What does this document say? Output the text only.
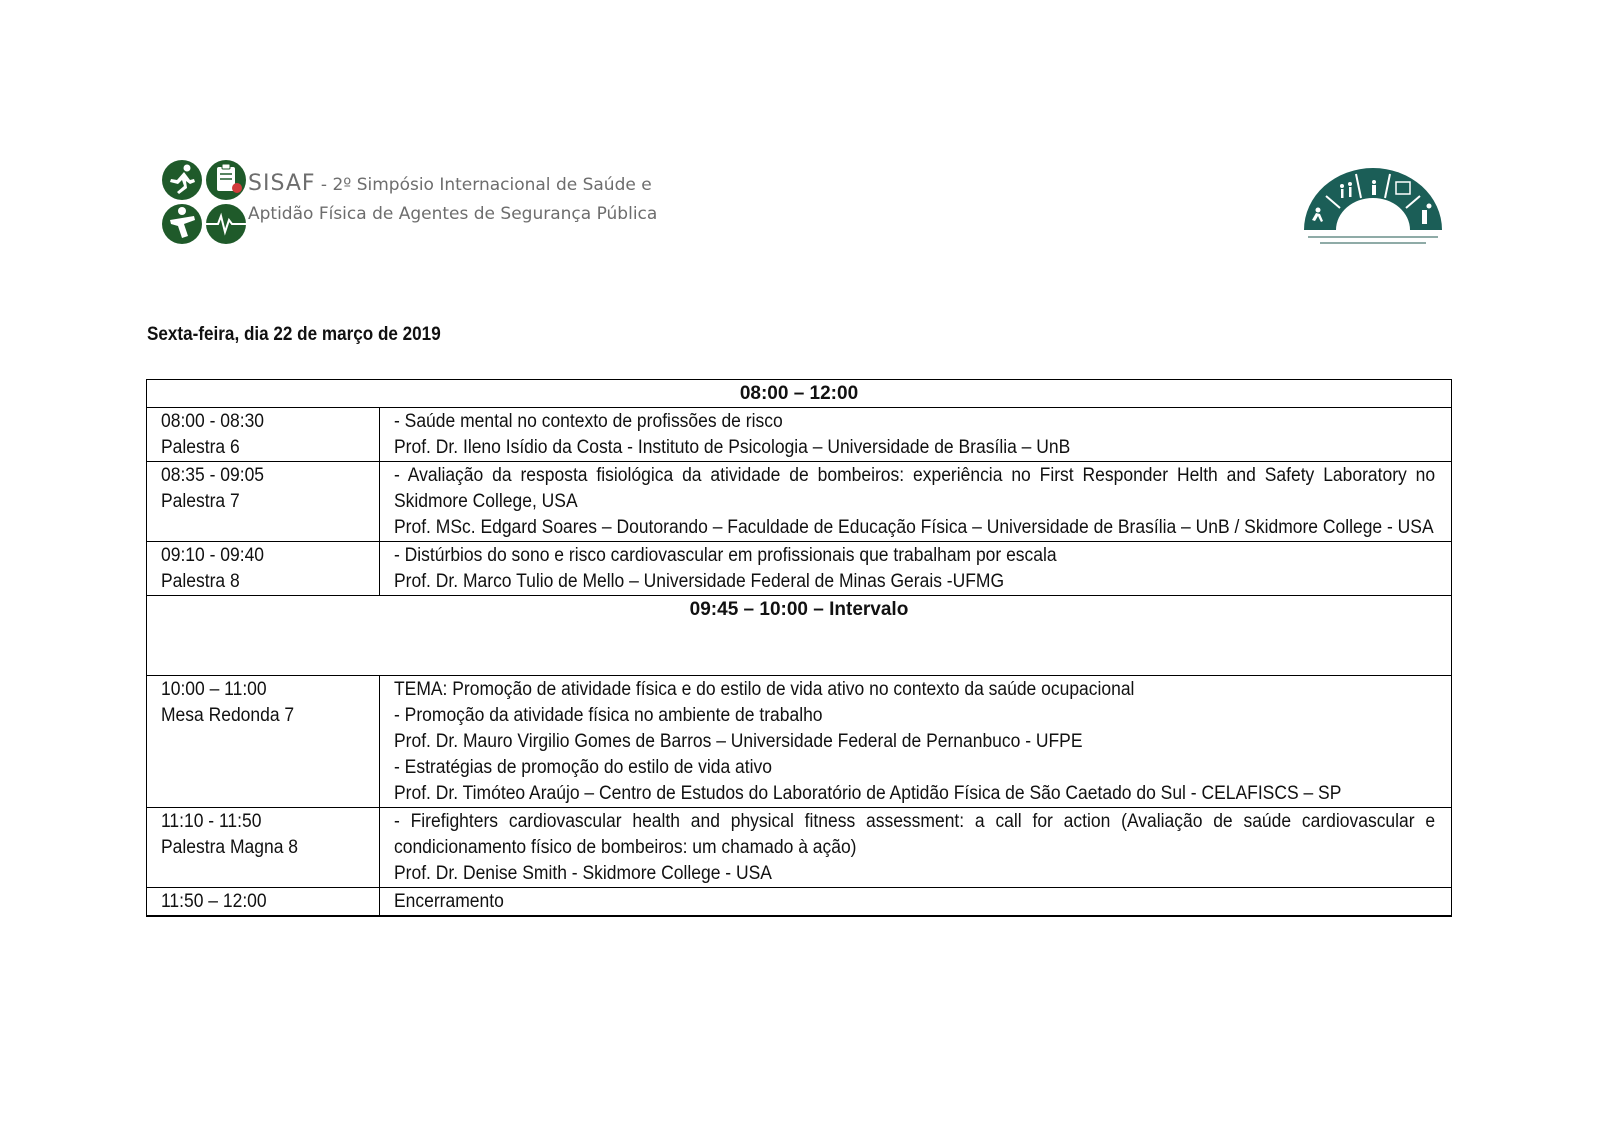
SISAF - 2º Simpósio Internacional de Saúde e
Aptidão Física de Agentes de Segurança Pública	GEAFS
Sexta-feira, dia 22 de março de 2019
08:00 – 12:00	

08:00 - 08:30
Palestra 6	- Saúde mental no contexto de profissões de risco
Prof. Dr. Ileno Isídio da Costa - Instituto de Psicologia – Universidade de Brasília – UnB

08:35 - 09:05
Palestra 7	- Avaliação da resposta fisiológica da atividade de bombeiros: experiência no First Responder Helth and Safety Laboratory no Skidmore College, USA
Prof. MSc. Edgard Soares – Doutorando – Faculdade de Educação Física – Universidade de Brasília – UnB / Skidmore College - USA

09:10 - 09:40
Palestra 8	- Distúrbios do sono e risco cardiovascular em profissionais que trabalham por escala
Prof. Dr. Marco Tulio de Mello – Universidade Federal de Minas Gerais -UFMG

09:45 – 10:00 – Intervalo	

10:00 – 11:00
Mesa Redonda 7	TEMA: Promoção de atividade física e do estilo de vida ativo no contexto da saúde ocupacional
- Promoção da atividade física no ambiente de trabalho
Prof. Dr. Mauro Virgilio Gomes de Barros – Universidade Federal de Pernanbuco - UFPE
- Estratégias de promoção do estilo de vida ativo
Prof. Dr. Timóteo Araújo – Centro de Estudos do Laboratório de Aptidão Física de São Caetado do Sul - CELAFISCS – SP

11:10 - 11:50
Palestra Magna 8	- Firefighters cardiovascular health and physical fitness assessment: a call for action (Avaliação de saúde cardiovascular e condicionamento físico de bombeiros: um chamado à ação)
Prof. Dr. Denise Smith - Skidmore College - USA

11:50 – 12:00	Encerramento
